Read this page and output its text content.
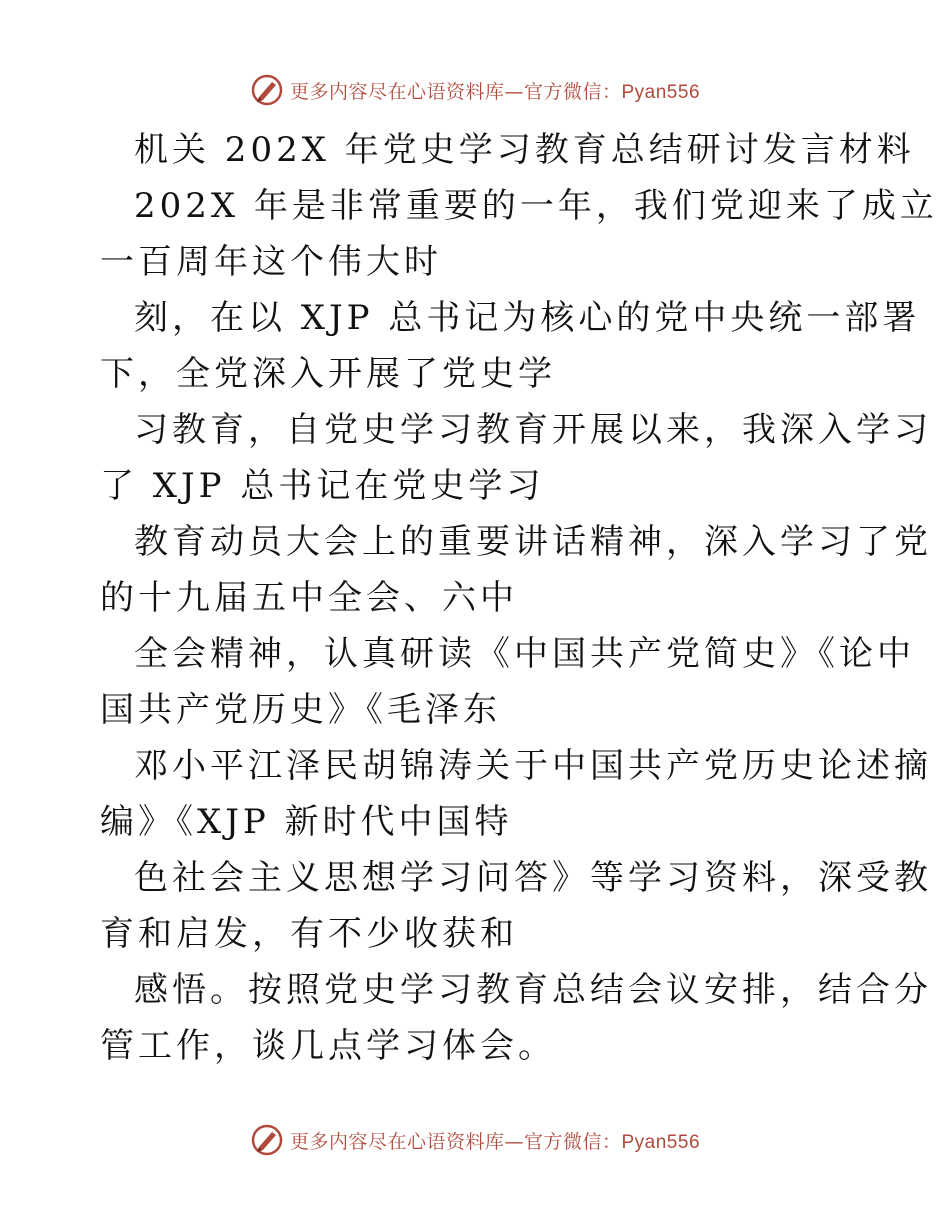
更多内容尽在心语资料库—官方微信：Pyan556
机关 202X 年党史学习教育总结研讨发言材料
202X 年是非常重要的一年，我们党迎来了成立
一百周年这个伟大时
刻，在以 XJP 总书记为核心的党中央统一部署
下，全党深入开展了党史学
习教育，自党史学习教育开展以来，我深入学习
了 XJP 总书记在党史学习
教育动员大会上的重要讲话精神，深入学习了党
的十九届五中全会、六中
全会精神，认真研读《中国共产党简史》《论中
国共产党历史》《毛泽东
邓小平江泽民胡锦涛关于中国共产党历史论述摘
编》《XJP 新时代中国特
色社会主义思想学习问答》等学习资料，深受教
育和启发，有不少收获和
感悟。按照党史学习教育总结会议安排，结合分
管工作，谈几点学习体会。
更多内容尽在心语资料库—官方微信：Pyan556
